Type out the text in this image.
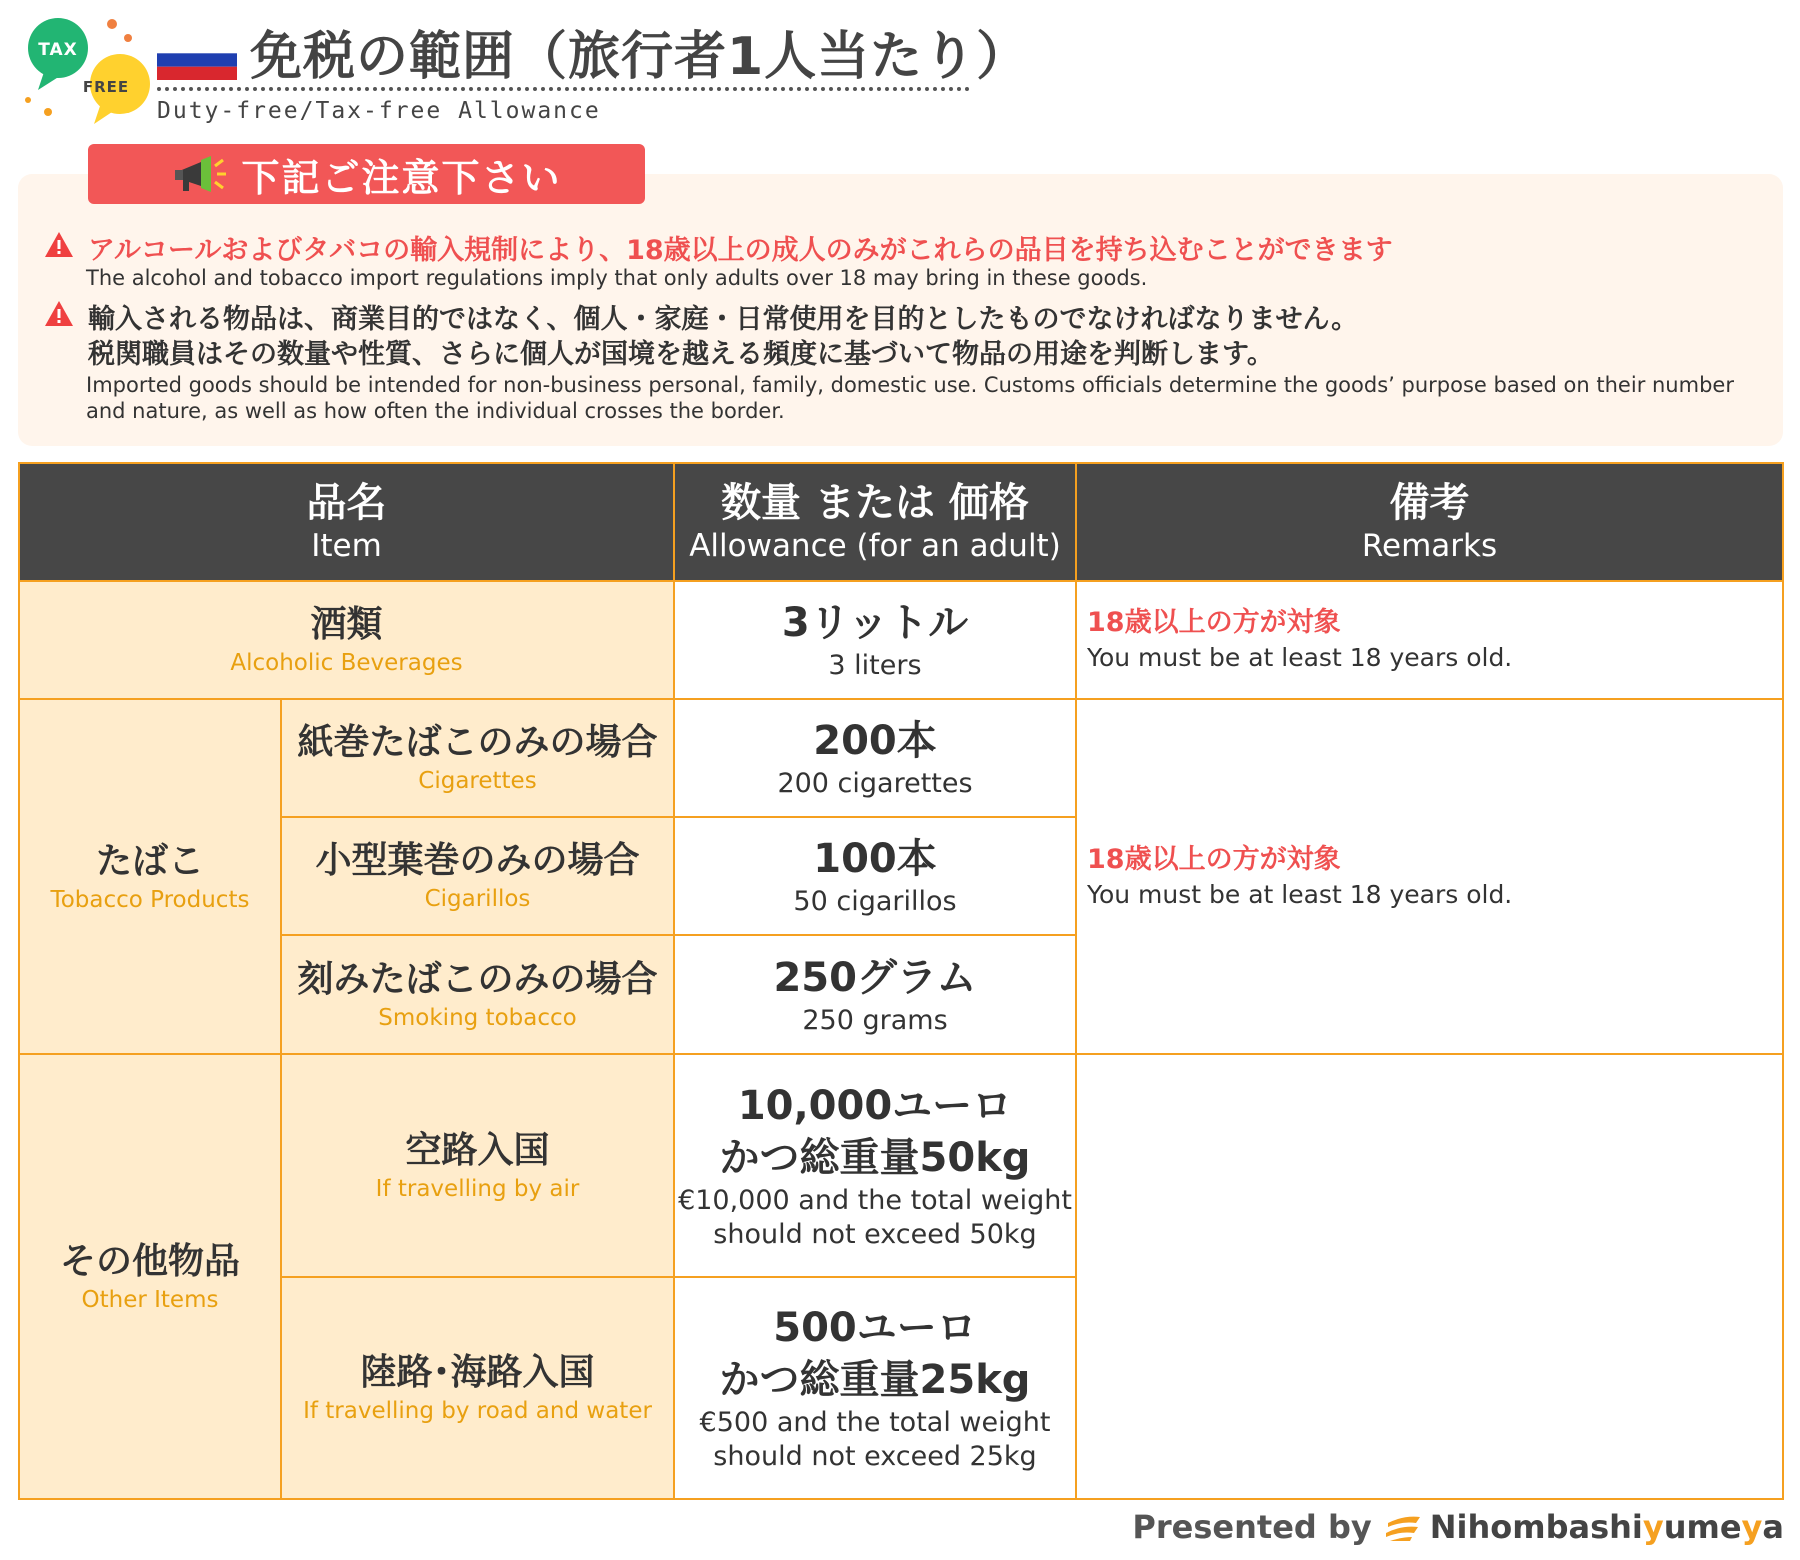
TAX
FREE 免税の範囲（旅行者1人当たり）
Duty-free/Tax-free Allowance
下記ご注意下さい
アルコールおよびタバコの輸入規制により、18歳以上の成人のみがこれらの品目を持ち込むことができます
The alcohol and tobacco import regulations imply that only adults over 18 may bring in these goods.
輸入される物品は、商業目的ではなく、個人・家庭・日常使用を目的としたものでなければなりません。
税関職員はその数量や性質、さらに個人が国境を越える頻度に基づいて物品の用途を判断します。
Imported goods should be intended for non-business personal, family, domestic use. Customs officials determine the goods’ purpose based on their number and nature, as well as how often the individual crosses the border.
品名
Item
数量 または 価格
Allowance (for an adult)
備考
Remarks
酒類
Alcoholic Beverages
3リットル
3 liters
18歳以上の方が対象
You must be at least 18 years old.
たばこ
Tobacco Products
紙巻たばこのみの場合
Cigarettes
200本
200 cigarettes
小型葉巻のみの場合
Cigarillos
100本
50 cigarillos
刻みたばこのみの場合
Smoking tobacco
250グラム
250 grams
18歳以上の方が対象
You must be at least 18 years old.
その他物品
Other Items
空路入国
If travelling by air
10,000ユーロ
かつ総重量50kg
€10,000 and the total weight
should not exceed 50kg
陸路･海路入国
If travelling by road and water
500ユーロ
かつ総重量25kg
€500 and the total weight
should not exceed 25kg
Presented by Nihombashiyumeya
